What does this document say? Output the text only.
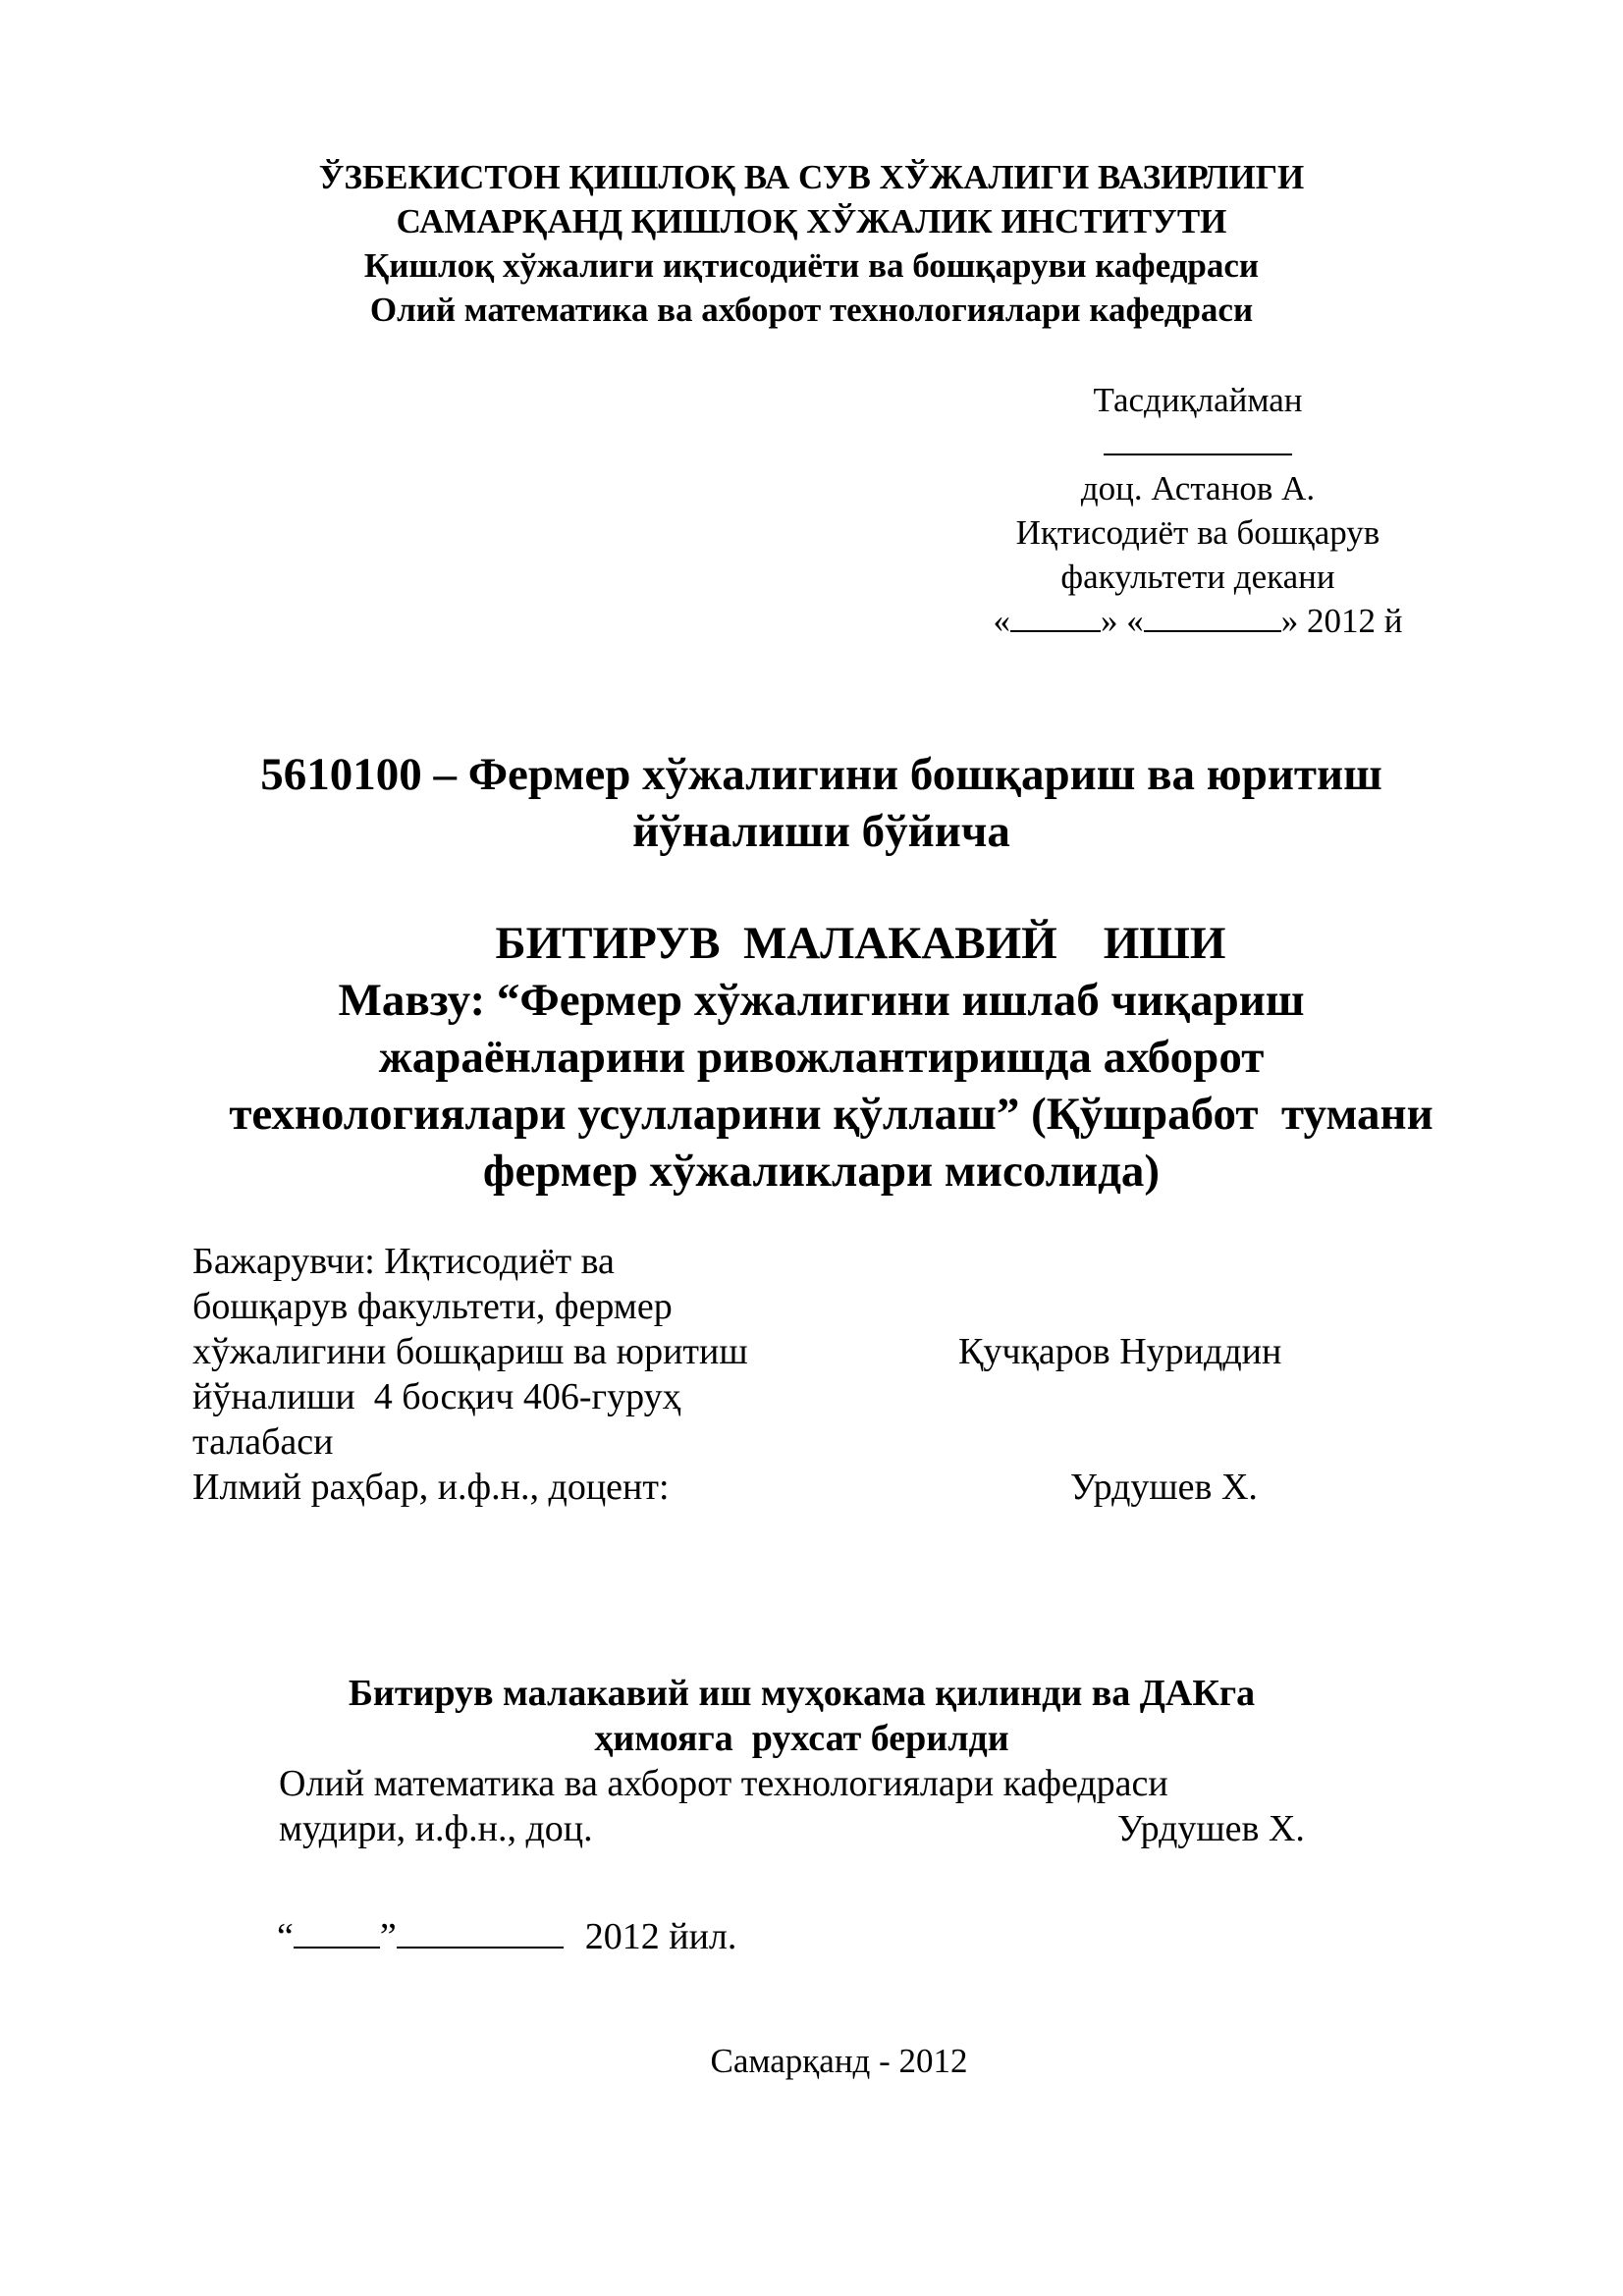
ЎЗБЕКИСТОН ҚИШЛОҚ ВА СУВ ХЎЖАЛИГИ ВАЗИРЛИГИ
САМАРҚАНД ҚИШЛОҚ ХЎЖАЛИК ИНСТИТУТИ
Қишлоқ хўжалиги иқтисодиёти ва бошқаруви кафедраси
Олий математика ва ахборот технологиялари кафедраси
Тасдиқлайман
доц. Астанов А.
Иқтисодиёт ва бошқарув
факультети декани
«	» «	» 2012 й
5610100 – Фермер хўжалигини бошқариш ва юритиш
йўналиши бўйича
БИТИРУВ  МАЛАКАВИЙ    ИШИ
Мавзу: “Фермер хўжалигини ишлаб чиқариш
жараёнларини ривожлантиришда ахборот
технологиялари усулларини қўллаш” (Қўшработ  тумани
фермер хўжаликлари мисолида)
Бажарувчи: Иқтисодиёт ва
бошқарув факультети, фермер
хўжалигини бошқариш ва юритиш
йўналиши  4 босқич 406-гуруҳ
талабаси
Қучқаров Нуриддин
Илмий раҳбар, и.ф.н., доцент:	Урдушев Х.
Битирув малакавий иш муҳокама қилинди ва ДАКга
ҳимояга  рухсат берилди
Олий математика ва ахборот технологиялари кафедраси
мудири, и.ф.н., доц.	Урдушев Х.
“ ”	2012 йил.
Самарқанд - 2012
